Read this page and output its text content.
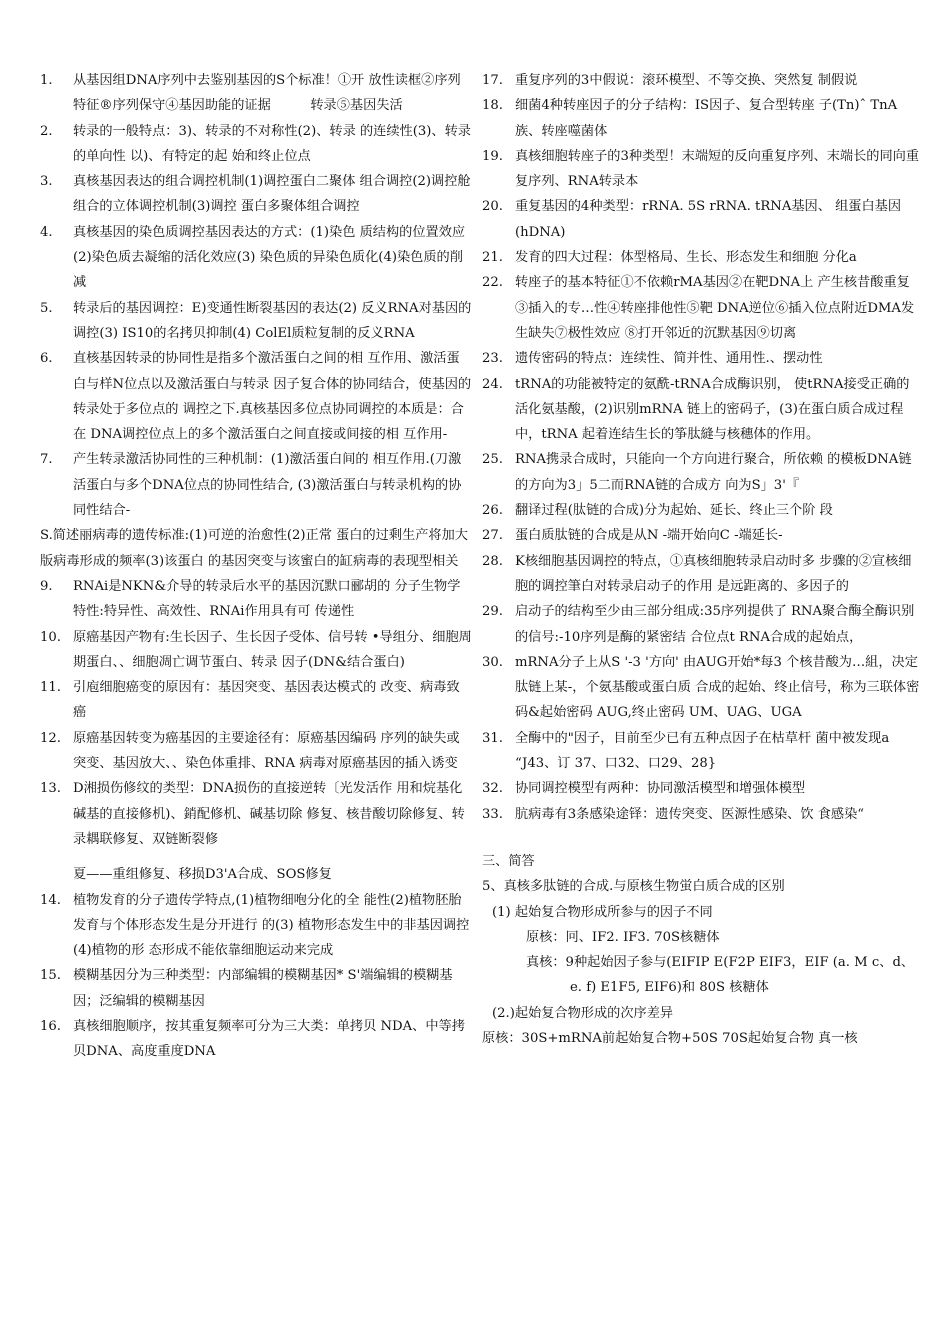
1. 从基因组DNA序列中去鉴别基因的S个标准！①开 放性读框②序列特征®序列保守④基因助能的证据　　　转录⑤基因失活
2. 转录的一般特点：3)、转录的不对称性(2)、转录 的连续性(3)、转录的单向性 以)、有特定的起 始和终止位点
3. 真核基因表达的组合调控机制(1)调控蛋白二聚体 组合调控(2)调控舱组合的立体调控机制(3)调控 蛋白多聚体组合调控
4. 真核基因的染色质调控基因表达的方式：(1)染色 质结构的位置效应(2)染色质去凝缩的活化效应(3) 染色质的异染色质化(4)染色质的削减
5. 转录后的基因调控：E)变通性断裂基因的表达(2) 反义RNA对基因的调控(3) IS10的名拷贝抑制(4) ColEl质粒复制的反义RNA
6. 直核基因转录的协同性是指多个激活蛋白之间的相 互作用、激活蛋白与样N位点以及激活蛋白与转录 因子复合体的协同结合，使基因的转录处于多位点的 调控之下.真核基因多位点协同调控的本质是：合在 DNA调控位点上的多个激活蛋白之间直接或间接的相 互作用-
7. 产生转录激活协同性的三种机制：(1)激活蛋白间的 相互作用.(刀激活蛋白与多个DNA位点的协同性结合, (3)激活蛋白与转录机构的协同性结合-
S.简述丽病毒的遗传标准:(1)可逆的治愈性(2)正常 蛋白的过剩生产将加大版病毒形成的频率(3)该蛋白 的基因突变与该蜜白的缸病毒的表现型相关
9. RNAi是NKN&介导的转录后水平的基因沉默口郦胡的 分子生物学特性:特异性、高效性、RNAi作用具有可 传递性
10. 原癌基因产物有:生长因子、生长因子受体、信号转 •导组分、细胞周期蛋白、、细胞凋亡调节蛋白、转录 因子(DN&结合蛋白)
11. 引庖细胞癌变的原因有：基因突变、基因表达模式的 改变、病毒致癌
12. 原癌基因转变为癌基因的主要途径有：原癌基因编码 序列的缺失或突变、基因放大、、染色体重排、RNA 病毒对原癌基因的插入诱变
13. D湘损伤修纹的类型：DNA损伤的直接逆转〔光发活作 用和烷基化碱基的直接修机)、銷配修机、碱基切除 修复、核昔酸切除修复、转录耦联修复、双链断裂修
夏——重组修复、移损D3'A合成、SOS修复
14. 植物发育的分子遗传学特点,(1)植物细咆分化的全 能性(2)植物胚胎发育与个体形态发生是分开进行 的(3) 植物形态发生中的非基因调控(4)植物的形 态形成不能依靠细胞运动来完成
15. 模糊基因分为三种类型：内部编辑的模糊基因* S'端编辑的模糊基因；泛编辑的模糊基因
16. 真核细胞顺序，按其重复频率可分为三大类：单拷贝 NDA、中等拷贝DNA、高度重度DNA
17. 重复序列的3中假说：滚环模型、不等交换、突然复 制假说
18. 细菌4种转座因子的分子结构：IS因子、复合型转座 子(Tn)ˆ TnA族、转座噬菌体
19. 真核细胞转座子的3种类型！末端短的反向重复序列、末端长的同向重复序列、RNA转录本
20. 重复基因的4种类型：rRNA. 5S rRNA. tRNA基因、 组蛋白基因(hDNA)
21. 发育的四大过程：体型格局、生长、形态发生和细胞 分化a
22. 转座子的基本特征①不依赖rMA基因②在靶DNA上 产生核昔酸重复③插入的专…性④转座排他性⑤靶 DNA逆位⑥插入位点附近DMA发生缺失⑦极性效应 ⑧打开邻近的沉默基因⑨切离
23. 遗传密码的特点：连续性、简并性、通用性.、摆动性
24. tRNA的功能被特定的氨酰-tRNA合成酶识别， 使tRNA接受正确的活化氨基酸，(2)识别mRNA 链上的密码子，(3)在蛋白质合成过程中，tRNA 起着连结生长的筝肽縫与核穗体的作用。
25. RNA携录合成时，只能向一个方向进行聚合，所依赖 的模板DNA链的方向为3」5二而RNA链的合成方 向为S」3'『
26. 翻译过程(肽链的合成)分为起始、延长、终止三个阶 段
27. 蛋白质肽链的合成是从N -端开始向C -端延长-
28. K核细胞基因调控的特点，①真核细胞转录启动时多 步骤的②宣核细胞的调控筆白对转录启动子的作用 是远距离的、多因子的
29. 启动子的结构至少由三部分组成:35序列提供了 RNA聚合酶全酶识别的信号:-10序列是酶的紧密结 合位点t RNA合成的起始点，
30. mRNA分子上从S '-3 '方向' 由AUG开始*每3 个核昔酸为…組，决定肽链上某-，个氨基酸或蛋白质 合成的起始、终止信号，称为三联体密码&起始密码 AUG,终止密码 UM、UAG、UGA
31. 全酶中的"因子，目前至少已有五种点因子在枯草杆 菌中被发现a “J43、订 37、口32、口29、28}
32. 协同调控模型有两种：协同激活模型和增强体模型
33. 肮病毒有3条感染途铎：遗传突变、医源性感染、饮 食感染“

三、简答

5、真核多肽链的合成.与原核生物蛍白质合成的区别

(1) 起始复合物形成所参与的因子不同

原核：冋、IF2. IF3. 70S核糖体

真核：9种起始因子参与(EIFIP E(F2P EIF3，EIF (a. M c、d、e. f) E1F5, EIF6)和 80S 核糖体

(2.)起始复合物形成的次序差异

原核：30S+mRNA前起始复合物+50S 70S起始复合物 真一核
